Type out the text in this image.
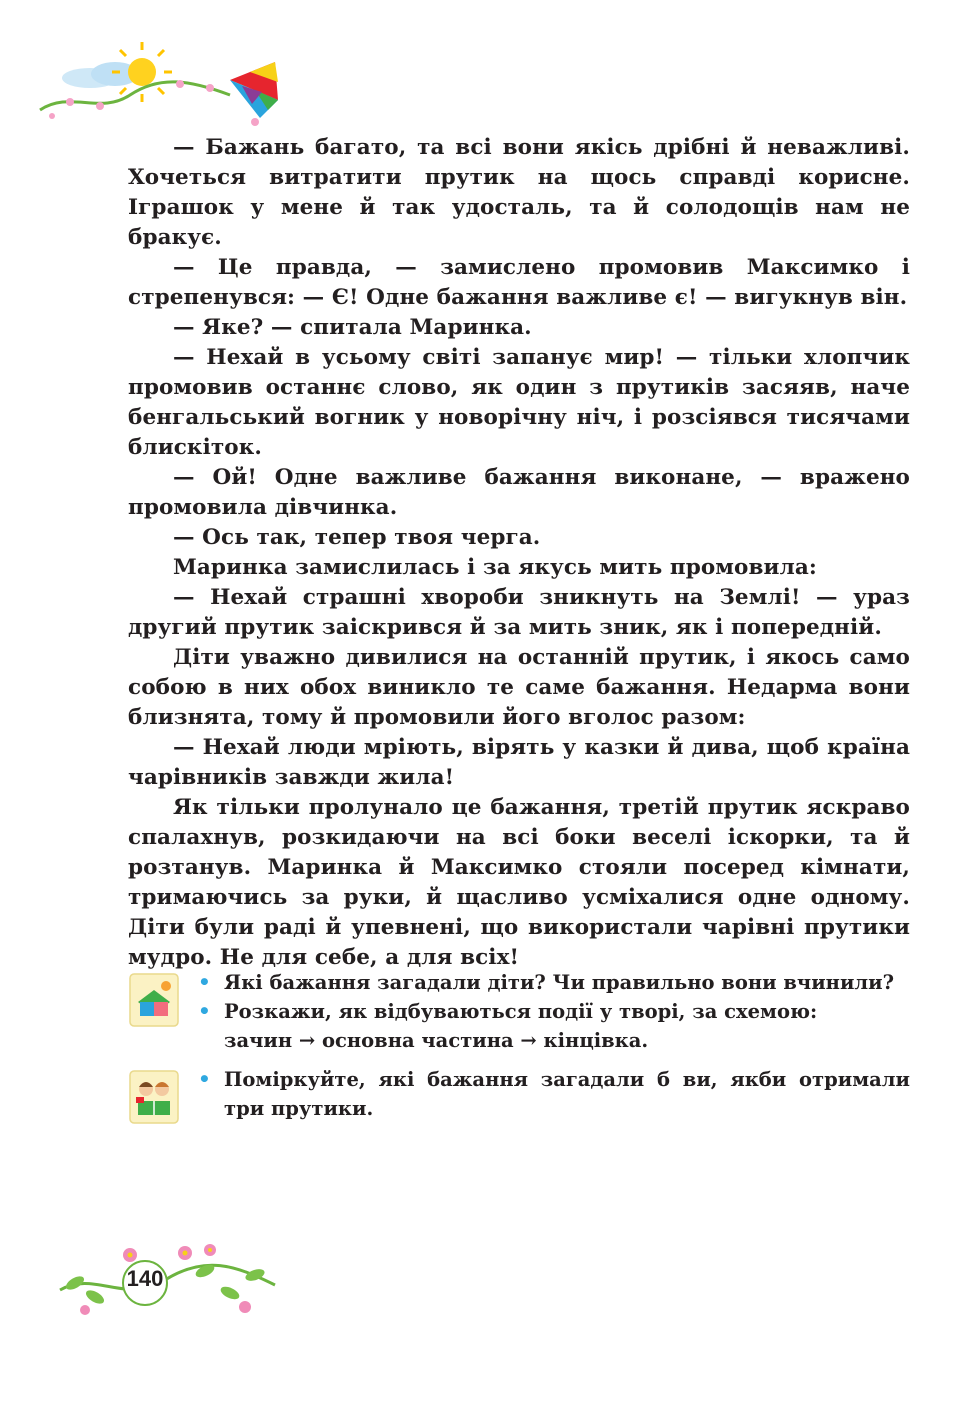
— Бажань багато, та всі вони якісь дрібні й неважливі. Хочеться витратити прутик на щось справді корисне. Іграшок у мене й так удосталь, та й солодощів нам не бракує.

— Це правда, — замислено промовив Максимко і стрепенувся: — Є! Одне бажання важливе є! — вигукнув він.

— Яке? — спитала Маринка.

— Нехай в усьому світі запанує мир! — тільки хлопчик промовив останнє слово, як один з прутиків засяяв, наче бенгальський вогник у новорічну ніч, і розсіявся тисячами блискіток.

— Ой! Одне важливе бажання виконане, — вражено промовила дівчинка.

— Ось так, тепер твоя черга.

Маринка замислилась і за якусь мить промовила:

— Нехай страшні хвороби зникнуть на Землі! — ураз другий прутик заіскрився й за мить зник, як і попередній.

Діти уважно дивилися на останній прутик, і якось само собою в них обох виникло те саме бажання. Недарма вони близнята, тому й промовили його вголос разом:

— Нехай люди мріють, вірять у казки й дива, щоб країна чарівників завжди жила!

Як тільки пролунало це бажання, третій прутик яскраво спалахнув, розкидаючи на всі боки веселі іскорки, та й розтанув. Маринка й Максимко стояли посеред кімнати, тримаючись за руки, й щасливо усміхалися одне одному. Діти були раді й упевнені, що використали чарівні прутики мудро. Не для себе, а для всіх!

• Які бажання загадали діти? Чи правильно вони вчинили?
• Розкажи, як відбуваються події у творі, за схемою:
зачин → основна частина → кінцівка.
• Поміркуйте, які бажання загадали б ви, якби отримали три прутики.
140
